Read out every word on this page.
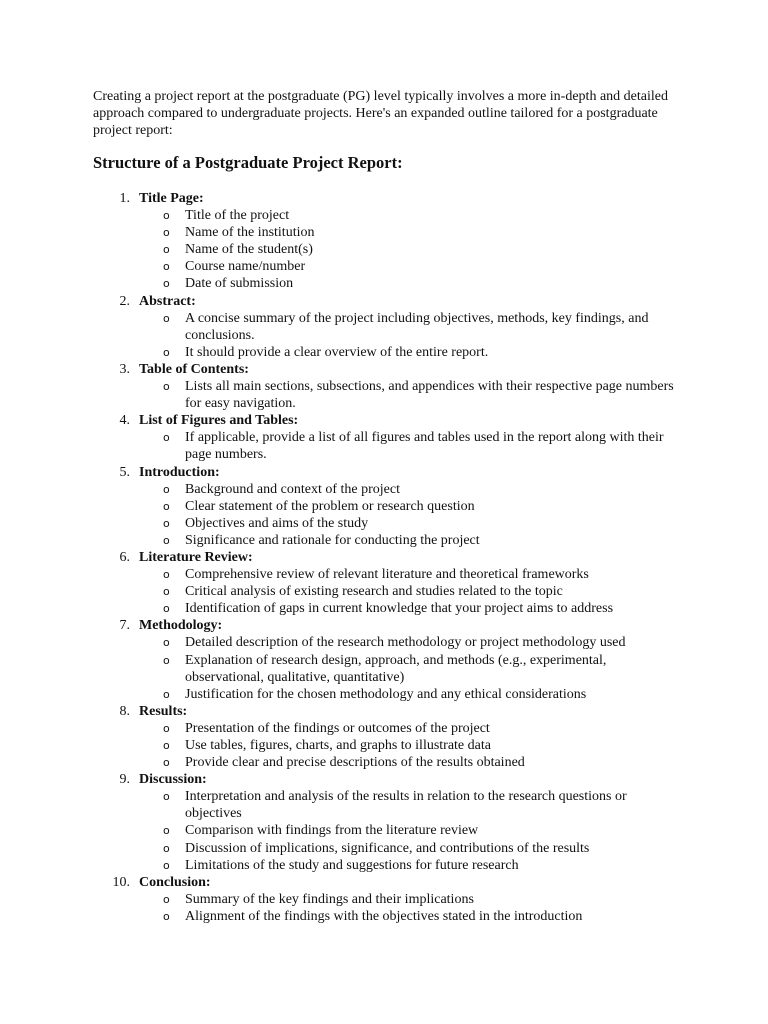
Creating a project report at the postgraduate (PG) level typically involves a more in-depth and detailed approach compared to undergraduate projects. Here's an expanded outline tailored for a postgraduate project report:

Structure of a Postgraduate Project Report:
1. Title Page:
o Title of the project
o Name of the institution
o Name of the student(s)
o Course name/number
o Date of submission
2. Abstract:
o A concise summary of the project including objectives, methods, key findings, and conclusions.
o It should provide a clear overview of the entire report.
3. Table of Contents:
o Lists all main sections, subsections, and appendices with their respective page numbers for easy navigation.
4. List of Figures and Tables:
o If applicable, provide a list of all figures and tables used in the report along with their page numbers.
5. Introduction:
o Background and context of the project
o Clear statement of the problem or research question
o Objectives and aims of the study
o Significance and rationale for conducting the project
6. Literature Review:
o Comprehensive review of relevant literature and theoretical frameworks
o Critical analysis of existing research and studies related to the topic
o Identification of gaps in current knowledge that your project aims to address
7. Methodology:
o Detailed description of the research methodology or project methodology used
o Explanation of research design, approach, and methods (e.g., experimental, observational, qualitative, quantitative)
o Justification for the chosen methodology and any ethical considerations
8. Results:
o Presentation of the findings or outcomes of the project
o Use tables, figures, charts, and graphs to illustrate data
o Provide clear and precise descriptions of the results obtained
9. Discussion:
o Interpretation and analysis of the results in relation to the research questions or objectives
o Comparison with findings from the literature review
o Discussion of implications, significance, and contributions of the results
o Limitations of the study and suggestions for future research
10. Conclusion:
o Summary of the key findings and their implications
o Alignment of the findings with the objectives stated in the introduction
